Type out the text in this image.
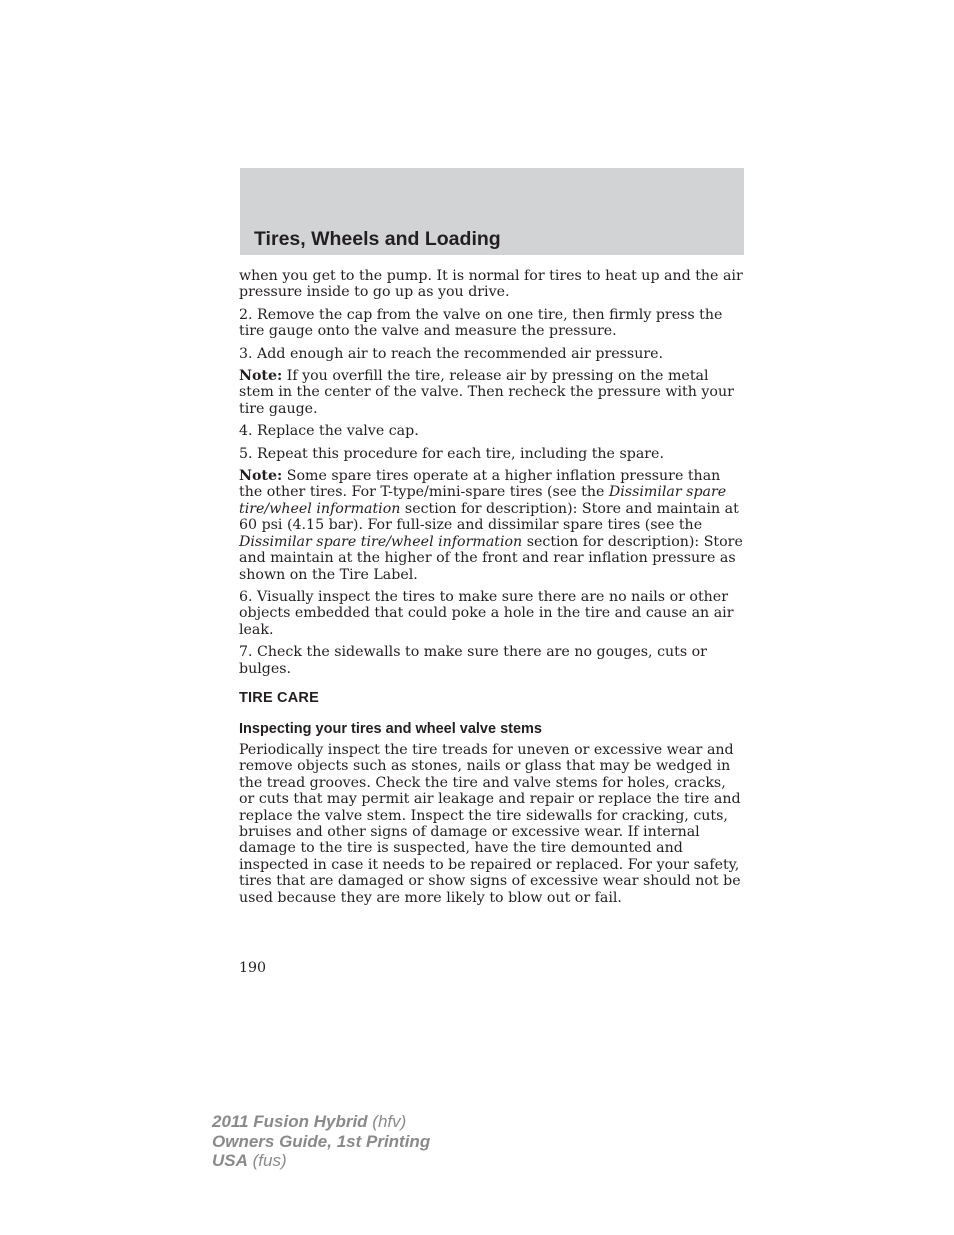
Tires, Wheels and Loading

when you get to the pump. It is normal for tires to heat up and the air pressure inside to go up as you drive.

2. Remove the cap from the valve on one tire, then firmly press the tire gauge onto the valve and measure the pressure.

3. Add enough air to reach the recommended air pressure.

Note: If you overfill the tire, release air by pressing on the metal stem in the center of the valve. Then recheck the pressure with your tire gauge.

4. Replace the valve cap.

5. Repeat this procedure for each tire, including the spare.

Note: Some spare tires operate at a higher inflation pressure than the other tires. For T-type/mini-spare tires (see the Dissimilar spare tire/wheel information section for description): Store and maintain at 60 psi (4.15 bar). For full-size and dissimilar spare tires (see the Dissimilar spare tire/wheel information section for description): Store and maintain at the higher of the front and rear inflation pressure as shown on the Tire Label.

6. Visually inspect the tires to make sure there are no nails or other objects embedded that could poke a hole in the tire and cause an air leak.

7. Check the sidewalls to make sure there are no gouges, cuts or bulges.

TIRE CARE
Inspecting your tires and wheel valve stems

Periodically inspect the tire treads for uneven or excessive wear and remove objects such as stones, nails or glass that may be wedged in the tread grooves. Check the tire and valve stems for holes, cracks, or cuts that may permit air leakage and repair or replace the tire and replace the valve stem. Inspect the tire sidewalls for cracking, cuts, bruises and other signs of damage or excessive wear. If internal damage to the tire is suspected, have the tire demounted and inspected in case it needs to be repaired or replaced. For your safety, tires that are damaged or show signs of excessive wear should not be used because they are more likely to blow out or fail.

190
2011 Fusion Hybrid (hfv)
Owners Guide, 1st Printing
USA (fus)
